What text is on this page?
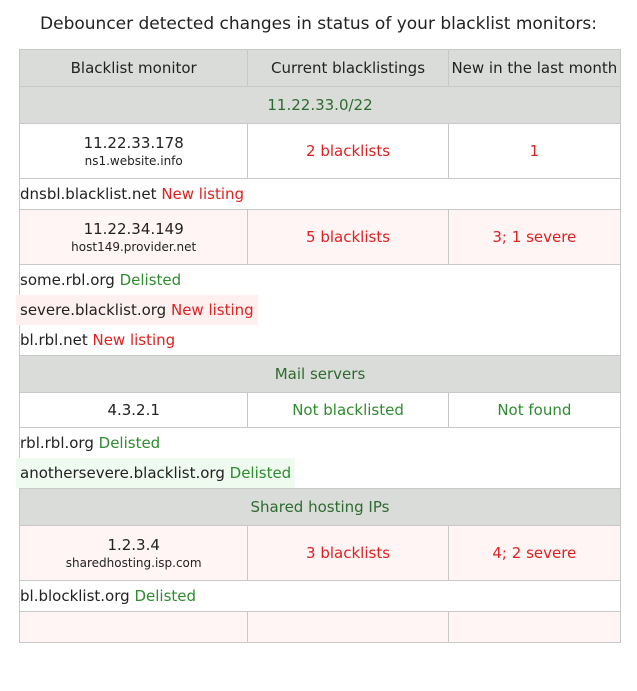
Debouncer detected changes in status of your blacklist monitors:
Blacklist monitor	Current blacklistings	New in the last month
11.22.33.0/22		

11.22.33.178
ns1.website.info	2 blacklists	1

dnsbl.blacklist.net New listing		

11.22.34.149
host149.provider.net	5 blacklists	3; 1 severe

some.rbl.org Delisted
severe.blacklist.org New listing
bl.rbl.net New listing		

Mail servers		

4.3.2.1	Not blacklisted	Not found

rbl.rbl.org Delisted
anothersevere.blacklist.org Delisted		

Shared hosting IPs		

1.2.3.4
sharedhosting.isp.com	3 blacklists	4; 2 severe

bl.blocklist.org Delisted		
